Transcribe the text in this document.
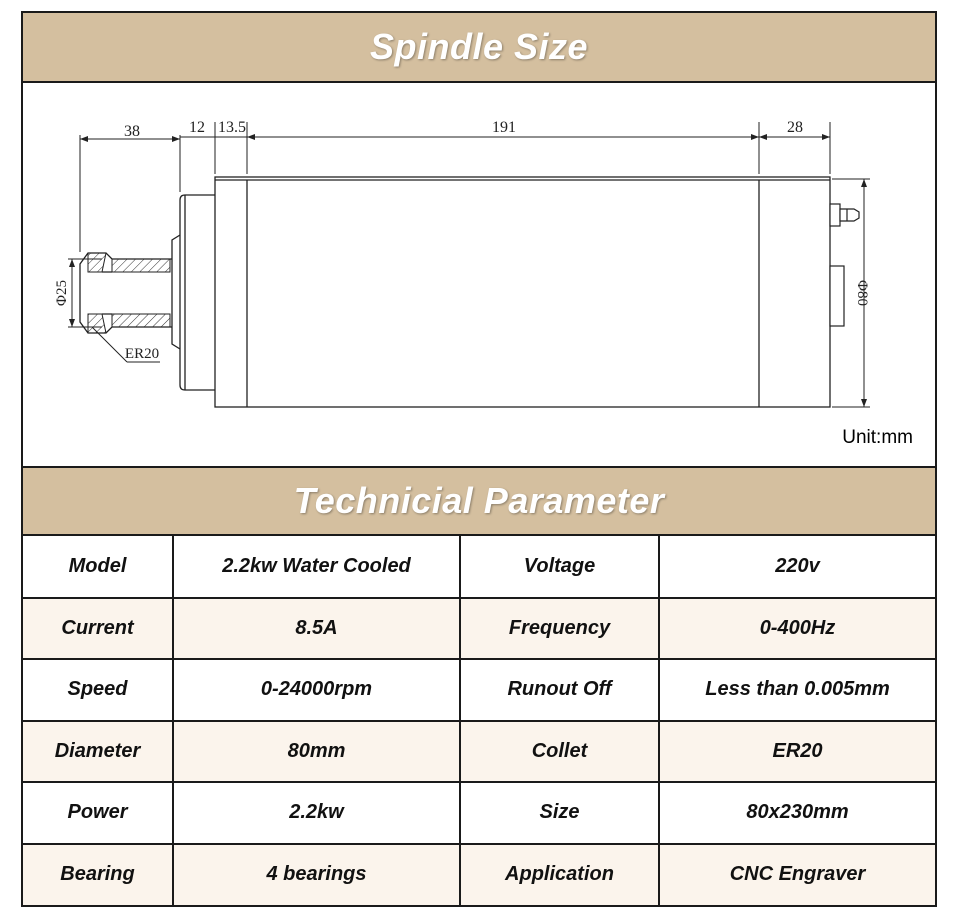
Spindle Size
38	12 13.5	191	28
Φ25	Φ80
ER20
Unit:mm
Technicial Parameter
Model	2.2kw Water Cooled	Voltage	220v
Current	8.5A	Frequency	0-400Hz
Speed	0-24000rpm	Runout Off	Less than 0.005mm
Diameter	80mm	Collet	ER20
Power	2.2kw	Size	80x230mm
Bearing	4 bearings	Application	CNC Engraver
